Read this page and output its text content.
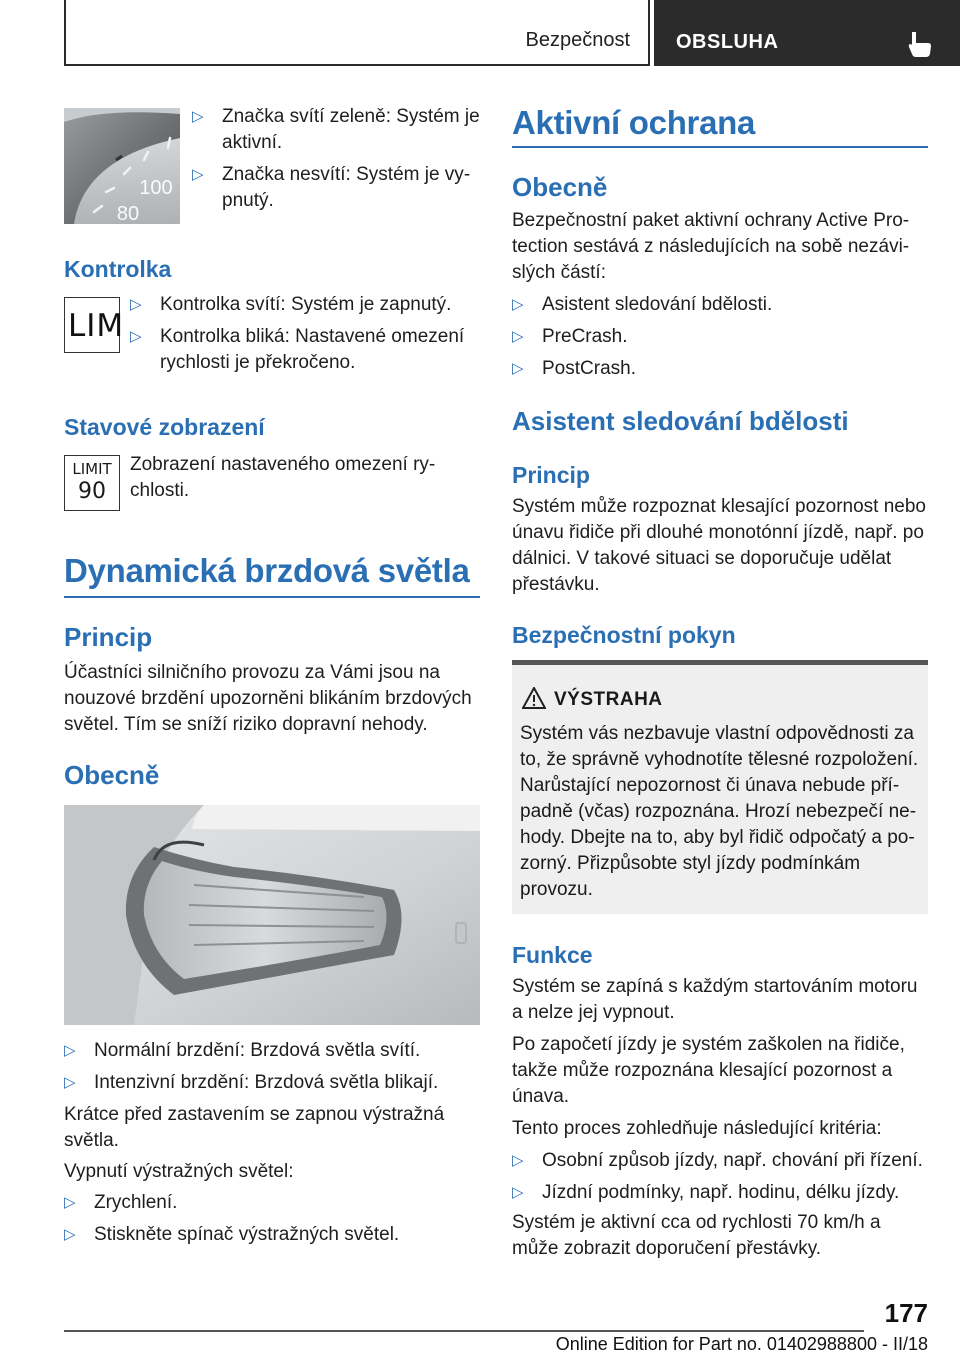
Bezpečnost OBSLUHA
100
80
▷ Značka svítí zeleně: Systém je aktivní.
▷ Značka nesvítí: Systém je vypnutý.
Kontrolka
LIM
▷ Kontrolka svítí: Systém je zapnutý.
▷ Kontrolka bliká: Nastavené omezení rychlosti je překročeno.
Stavové zobrazení
LIMIT
90

Zobrazení nastaveného omezení rychlosti.

Dynamická brzdová světla
Princip

Účastníci silničního provozu za Vámi jsou na nouzové brzdění upozorněni blikáním brzdových světel. Tím se sníží riziko dopravní nehody.

Obecně
▷ Normální brzdění: Brzdová světla svítí.
▷ Intenzivní brzdění: Brzdová světla blikají.

Krátce před zastavením se zapnou výstražná světla.

Vypnutí výstražných světel:

▷ Zrychlení.
▷ Stiskněte spínač výstražných světel.
Aktivní ochrana
Obecně

Bezpečnostní paket aktivní ochrany Active Protection sestává z následujících na sobě nezávislých částí:

▷ Asistent sledování bdělosti.
▷ PreCrash.
▷ PostCrash.
Asistent sledování bdělosti
Princip

Systém může rozpoznat klesající pozornost nebo únavu řidiče při dlouhé monotónní jízdě, např. po dálnici. V takové situaci se doporučuje udělat přestávku.

Bezpečnostní pokyn
VÝSTRAHA

Systém vás nezbavuje vlastní odpovědnosti za to, že správně vyhodnotíte tělesné rozpoložení. Narůstající nepozornost či únava nebude případně (včas) rozpoznána. Hrozí nebezpečí nehody. Dbejte na to, aby byl řidič odpočatý a pozorný. Přizpůsobte styl jízdy podmínkám provozu.

Funkce

Systém se zapíná s každým startováním motoru a nelze jej vypnout.

Po započetí jízdy je systém zaškolen na řidiče, takže může rozpoznána klesající pozornost a únava.

Tento proces zohledňuje následující kritéria:

▷ Osobní způsob jízdy, např. chování při řízení.
▷ Jízdní podmínky, např. hodinu, délku jízdy.

Systém je aktivní cca od rychlosti 70 km/h a může zobrazit doporučení přestávky.

177
Online Edition for Part no. 01402988800 - II/18
